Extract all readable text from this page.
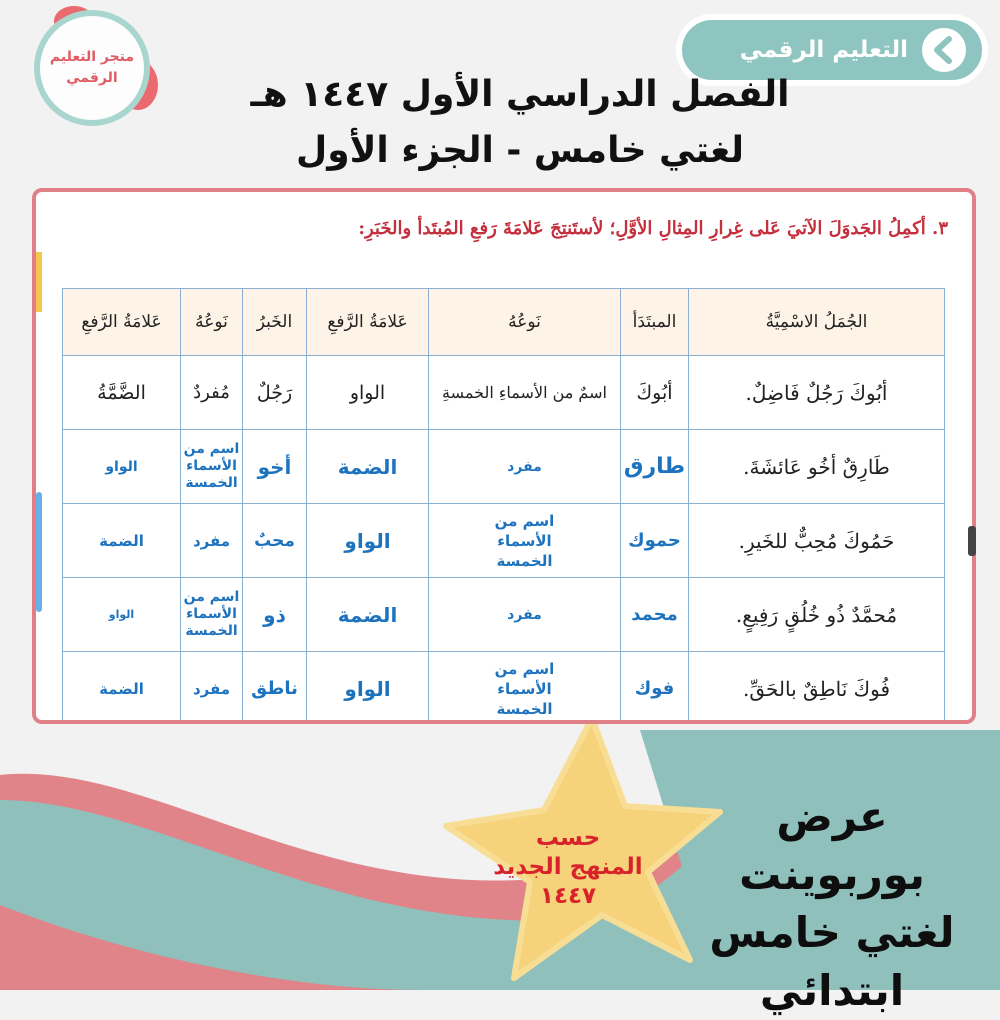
متجر التعليم
الرقمي
التعليم الرقمي
الفصل الدراسي الأول ١٤٤٧ هـ
لغتي خامس - الجزء الأول
٣. أكمِلُ الجَدوَلَ الآتيَ عَلى غِرارِ المِثالِ الأوَّلِ؛ لأستَنتِجَ عَلامَةَ رَفعِ المُبتَدأ والخَبَرِ:
الجُمَلُ الاسْمِيَّةُ	المبتَدَأ	نَوعُهُ	عَلامَةُ الرَّفعِ	الخَبرُ	نَوعُهُ	عَلامَةُ الرَّفعِ
أبُوكَ رَجُلٌ فَاضِلٌ.	أبُوكَ	اسمٌ من الأسماءِ الخمسةِ	الواو	رَجُلٌ	مُفردٌ	الضَّمَّةُ
طَارِقٌ أخُو عَائشَةَ.	طارق	مفرد	الضمة	أخو	اسم من الأسماء الخمسة	الواو
حَمُوكَ مُحِبٌّ للخَيرِ.	حموك	اسم من الأسماء الخمسة	الواو	محبٌ	مفرد	الضمة
مُحمَّدٌ ذُو خُلُقٍ رَفِيعٍ.	محمد	مفرد	الضمة	ذو	اسم من الأسماء الخمسة	الواو
فُوكَ نَاطِقٌ بالحَقِّ.	فوك	اسم من الأسماء الخمسة	الواو	ناطق	مفرد	الضمة
حسب
المنهج الجديد
١٤٤٧
عرض بوربوينت
لغتي خامس
ابتدائي
